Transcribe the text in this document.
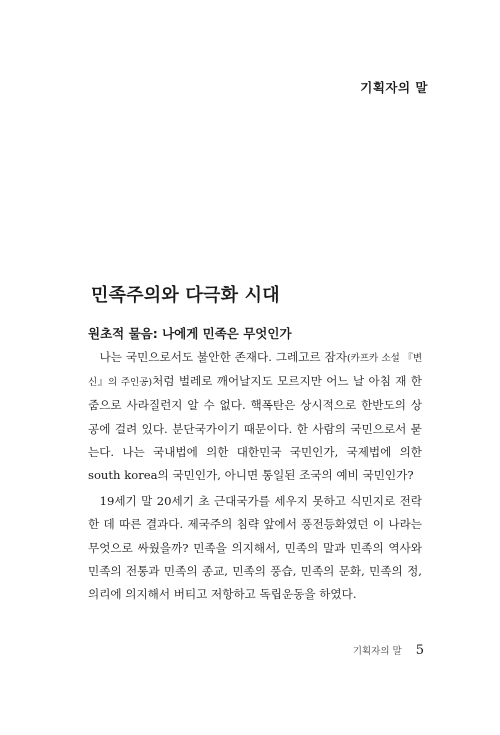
기획자의 말
민족주의와 다극화 시대
원초적 물음: 나에게 민족은 무엇인가

나는 국민으로서도 불안한 존재다. 그레고르 잠자(카프카 소설 『변신』의 주인공)처럼 벌레로 깨어날지도 모르지만 어느 날 아침 재 한 줌으로 사라질런지 알 수 없다. 핵폭탄은 상시적으로 한반도의 상공에 걸려 있다. 분단국가이기 때문이다. 한 사람의 국민으로서 묻는다. 나는 국내법에 의한 대한민국 국민인가, 국제법에 의한 south korea의 국민인가, 아니면 통일된 조국의 예비 국민인가?

19세기 말 20세기 초 근대국가를 세우지 못하고 식민지로 전락한 데 따른 결과다. 제국주의 침략 앞에서 풍전등화였던 이 나라는 무엇으로 싸웠을까? 민족을 의지해서, 민족의 말과 민족의 역사와 민족의 전통과 민족의 종교, 민족의 풍습, 민족의 문화, 민족의 정, 의리에 의지해서 버티고 저항하고 독립운동을 하였다.

기획자의 말 5
